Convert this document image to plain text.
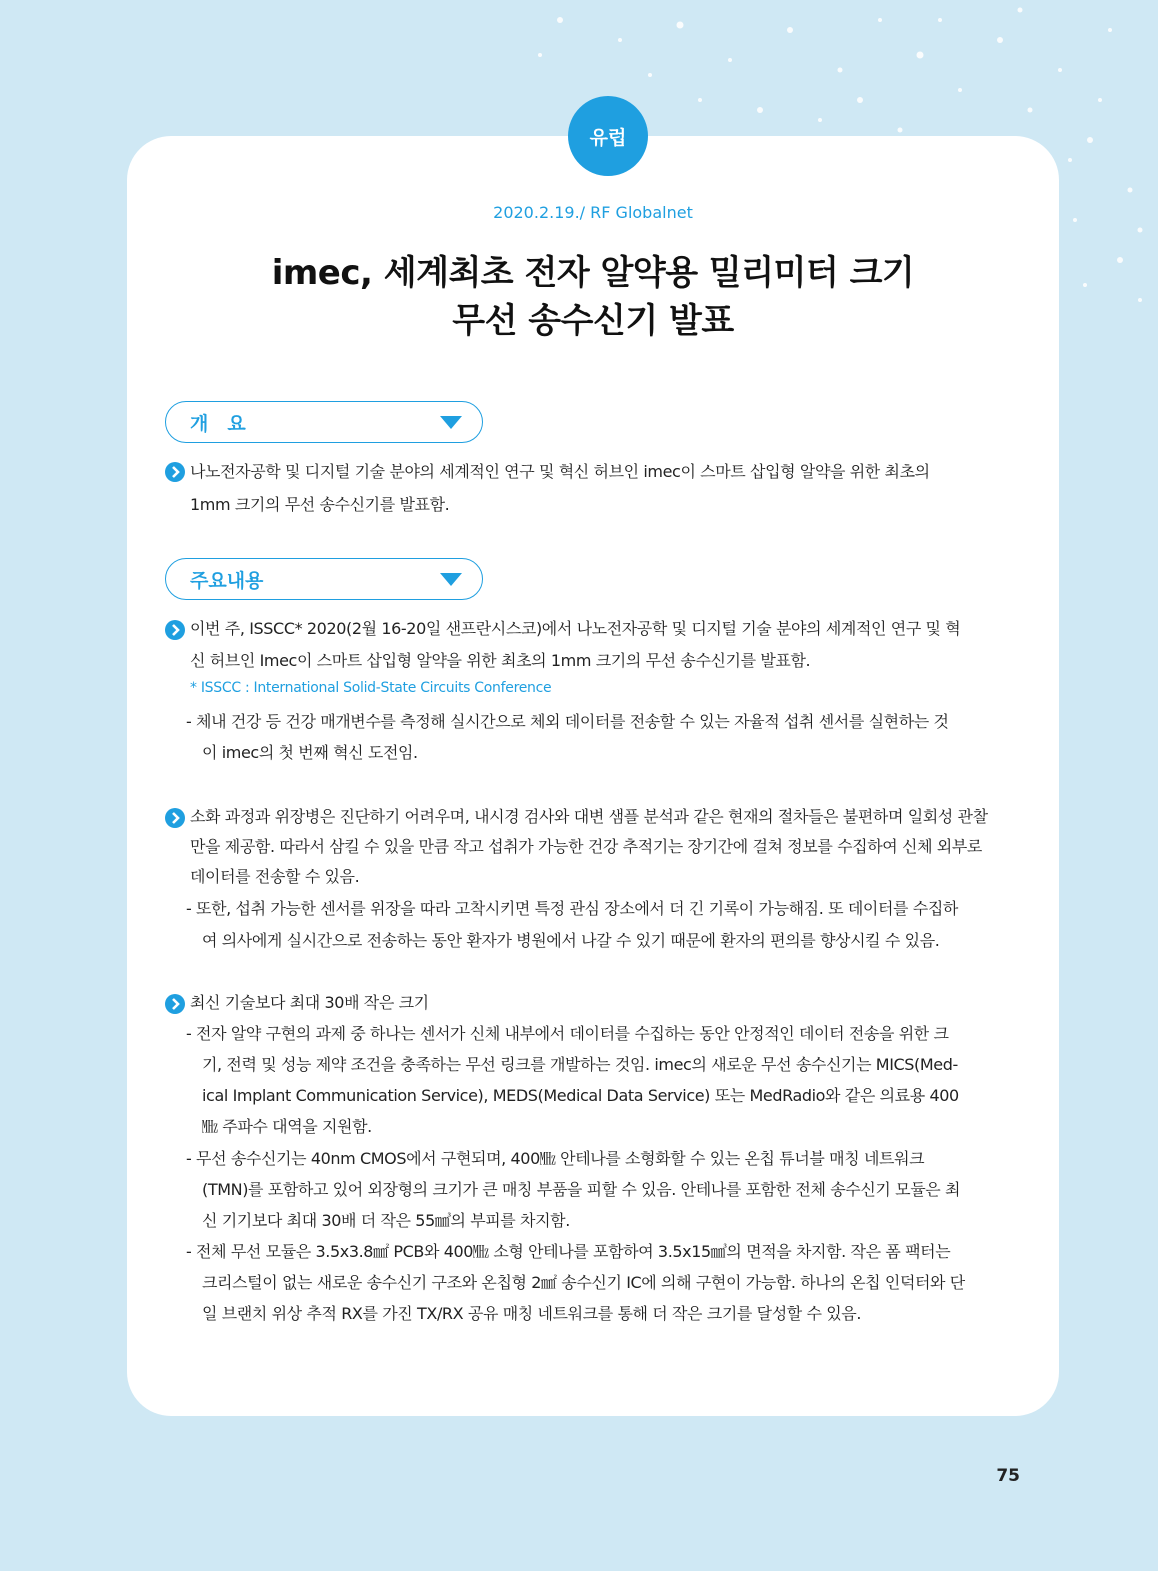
유럽
2020.2.19./ RF Globalnet
imec, 세계최초 전자 알약용 밀리미터 크기
무선 송수신기 발표
개　요
나노전자공학 및 디지털 기술 분야의 세계적인 연구 및 혁신 허브인 imec이 스마트 삽입형 알약을 위한 최초의
1mm 크기의 무선 송수신기를 발표함.
주요내용
이번 주, ISSCC* 2020(2월 16-20일 샌프란시스코)에서 나노전자공학 및 디지털 기술 분야의 세계적인 연구 및 혁
신 허브인 Imec이 스마트 삽입형 알약을 위한 최초의 1mm 크기의 무선 송수신기를 발표함.
* ISSCC : International Solid-State Circuits Conference
- 체내 건강 등 건강 매개변수를 측정해 실시간으로 체외 데이터를 전송할 수 있는 자율적 섭취 센서를 실현하는 것
이 imec의 첫 번째 혁신 도전임.
소화 과정과 위장병은 진단하기 어려우며, 내시경 검사와 대변 샘플 분석과 같은 현재의 절차들은 불편하며 일회성 관찰
만을 제공함. 따라서 삼킬 수 있을 만큼 작고 섭취가 가능한 건강 추적기는 장기간에 걸쳐 정보를 수집하여 신체 외부로
데이터를 전송할 수 있음.
- 또한, 섭취 가능한 센서를 위장을 따라 고착시키면 특정 관심 장소에서 더 긴 기록이 가능해짐. 또 데이터를 수집하
여 의사에게 실시간으로 전송하는 동안 환자가 병원에서 나갈 수 있기 때문에 환자의 편의를 향상시킬 수 있음.
최신 기술보다 최대 30배 작은 크기
- 전자 알약 구현의 과제 중 하나는 센서가 신체 내부에서 데이터를 수집하는 동안 안정적인 데이터 전송을 위한 크
기, 전력 및 성능 제약 조건을 충족하는 무선 링크를 개발하는 것임. imec의 새로운 무선 송수신기는 MICS(Med-
ical Implant Communication Service), MEDS(Medical Data Service) 또는 MedRadio와 같은 의료용 400
㎒ 주파수 대역을 지원함.
- 무선 송수신기는 40nm CMOS에서 구현되며, 400㎒ 안테나를 소형화할 수 있는 온칩 튜너블 매칭 네트워크
(TMN)를 포함하고 있어 외장형의 크기가 큰 매칭 부품을 피할 수 있음. 안테나를 포함한 전체 송수신기 모듈은 최
신 기기보다 최대 30배 더 작은 55㎣의 부피를 차지함.
- 전체 무선 모듈은 3.5x3.8㎟ PCB와 400㎒ 소형 안테나를 포함하여 3.5x15㎣의 면적을 차지함. 작은 폼 팩터는
크리스털이 없는 새로운 송수신기 구조와 온칩형 2㎟ 송수신기 IC에 의해 구현이 가능함. 하나의 온칩 인덕터와 단
일 브랜치 위상 추적 RX를 가진 TX/RX 공유 매칭 네트워크를 통해 더 작은 크기를 달성할 수 있음.
75
